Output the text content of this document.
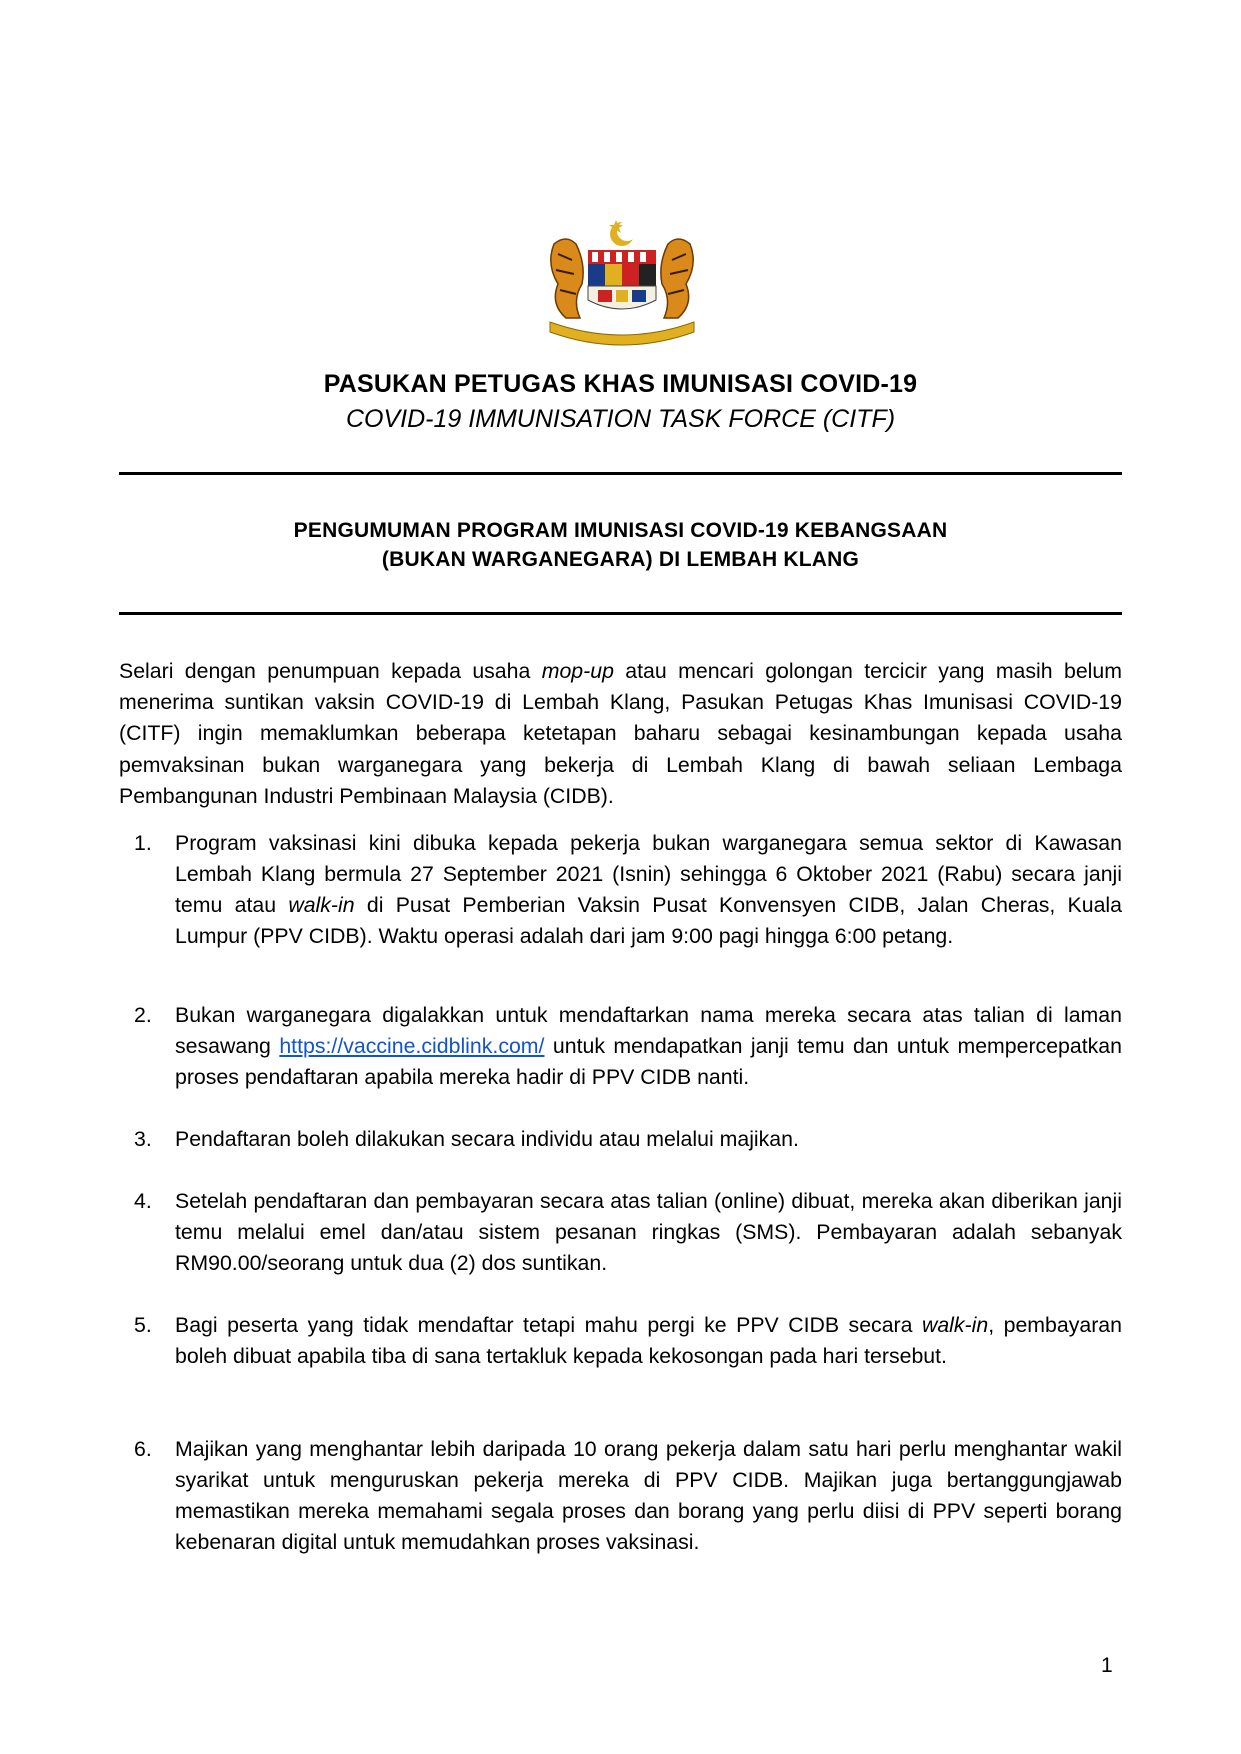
PASUKAN PETUGAS KHAS IMUNISASI COVID-19
COVID-19 IMMUNISATION TASK FORCE (CITF)
PENGUMUMAN PROGRAM IMUNISASI COVID-19 KEBANGSAAN
(BUKAN WARGANEGARA) DI LEMBAH KLANG

Selari dengan penumpuan kepada usaha mop-up atau mencari golongan tercicir yang masih belum menerima suntikan vaksin COVID-19 di Lembah Klang, Pasukan Petugas Khas Imunisasi COVID-19 (CITF) ingin memaklumkan beberapa ketetapan baharu sebagai kesinambungan kepada usaha pemvaksinan bukan warganegara yang bekerja di Lembah Klang di bawah seliaan Lembaga Pembangunan Industri Pembinaan Malaysia (CIDB).

1.	Program vaksinasi kini dibuka kepada pekerja bukan warganegara semua sektor di Kawasan Lembah Klang bermula 27 September 2021 (Isnin) sehingga 6 Oktober 2021 (Rabu) secara janji temu atau walk-in di Pusat Pemberian Vaksin Pusat Konvensyen CIDB, Jalan Cheras, Kuala Lumpur (PPV CIDB). Waktu operasi adalah dari jam 9:00 pagi hingga 6:00 petang.
2.	Bukan warganegara digalakkan untuk mendaftarkan nama mereka secara atas talian di laman sesawang https://vaccine.cidblink.com/ untuk mendapatkan janji temu dan untuk mempercepatkan proses pendaftaran apabila mereka hadir di PPV CIDB nanti.
3.	Pendaftaran boleh dilakukan secara individu atau melalui majikan.
4.	Setelah pendaftaran dan pembayaran secara atas talian (online) dibuat, mereka akan diberikan janji temu melalui emel dan/atau sistem pesanan ringkas (SMS). Pembayaran adalah sebanyak RM90.00/seorang untuk dua (2) dos suntikan.
5.	Bagi peserta yang tidak mendaftar tetapi mahu pergi ke PPV CIDB secara walk-in, pembayaran boleh dibuat apabila tiba di sana tertakluk kepada kekosongan pada hari tersebut.
6.	Majikan yang menghantar lebih daripada 10 orang pekerja dalam satu hari perlu menghantar wakil syarikat untuk menguruskan pekerja mereka di PPV CIDB. Majikan juga bertanggungjawab memastikan mereka memahami segala proses dan borang yang perlu diisi di PPV seperti borang kebenaran digital untuk memudahkan proses vaksinasi.
1
